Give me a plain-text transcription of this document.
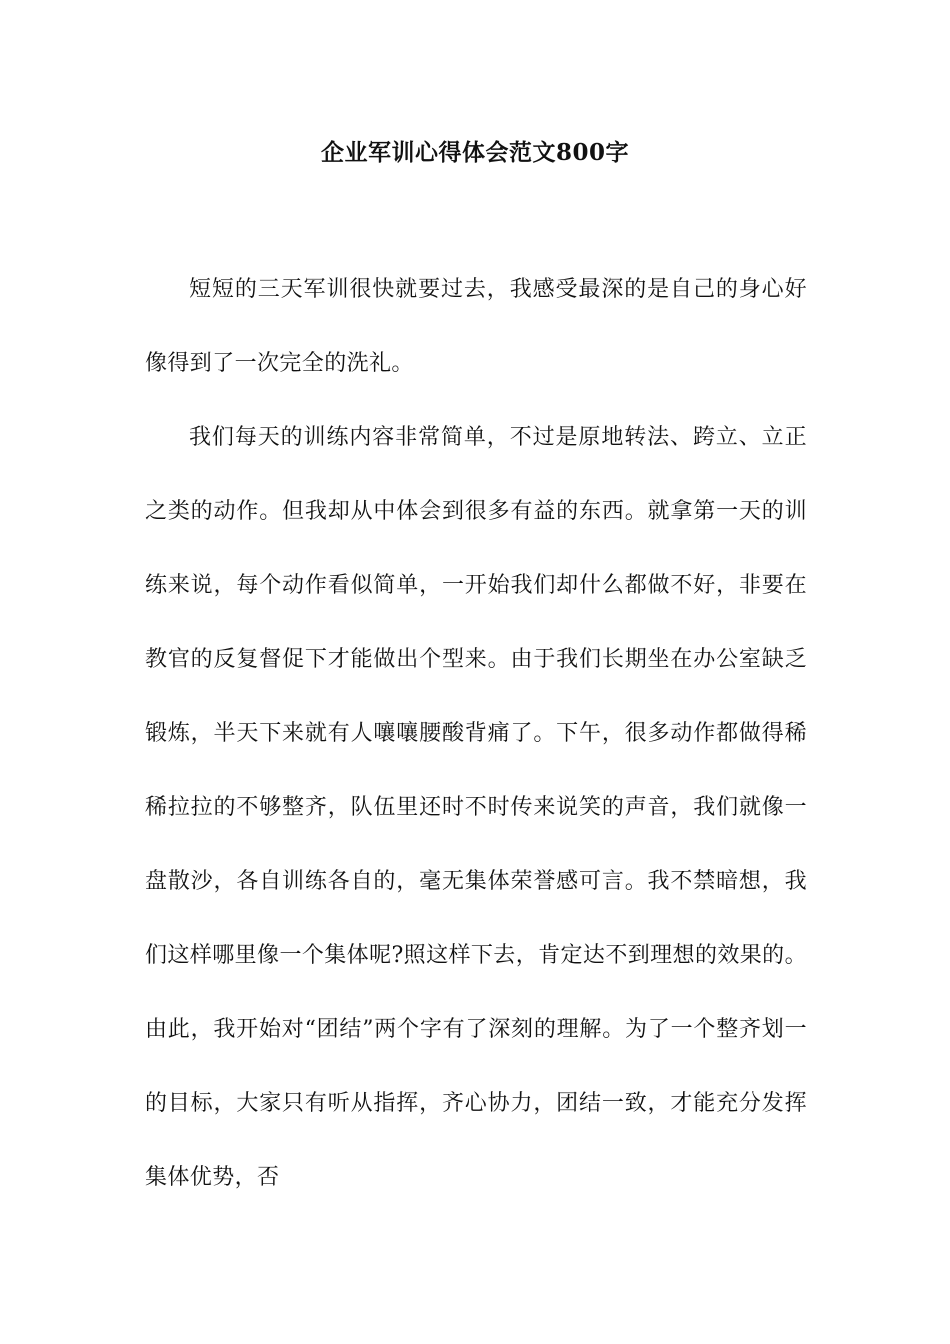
企业军训心得体会范文800字

短短的三天军训很快就要过去，我感受最深的是自己的身心好像得到了一次完全的洗礼。

我们每天的训练内容非常简单，不过是原地转法、跨立、立正之类的动作。但我却从中体会到很多有益的东西。就拿第一天的训练来说，每个动作看似简单，一开始我们却什么都做不好，非要在教官的反复督促下才能做出个型来。由于我们长期坐在办公室缺乏锻炼，半天下来就有人嚷嚷腰酸背痛了。下午，很多动作都做得稀稀拉拉的不够整齐，队伍里还时不时传来说笑的声音，我们就像一盘散沙，各自训练各自的，毫无集体荣誉感可言。我不禁暗想，我们这样哪里像一个集体呢?照这样下去，肯定达不到理想的效果的。由此，我开始对“团结”两个字有了深刻的理解。为了一个整齐划一的目标，大家只有听从指挥，齐心协力，团结一致，才能充分发挥集体优势，否
